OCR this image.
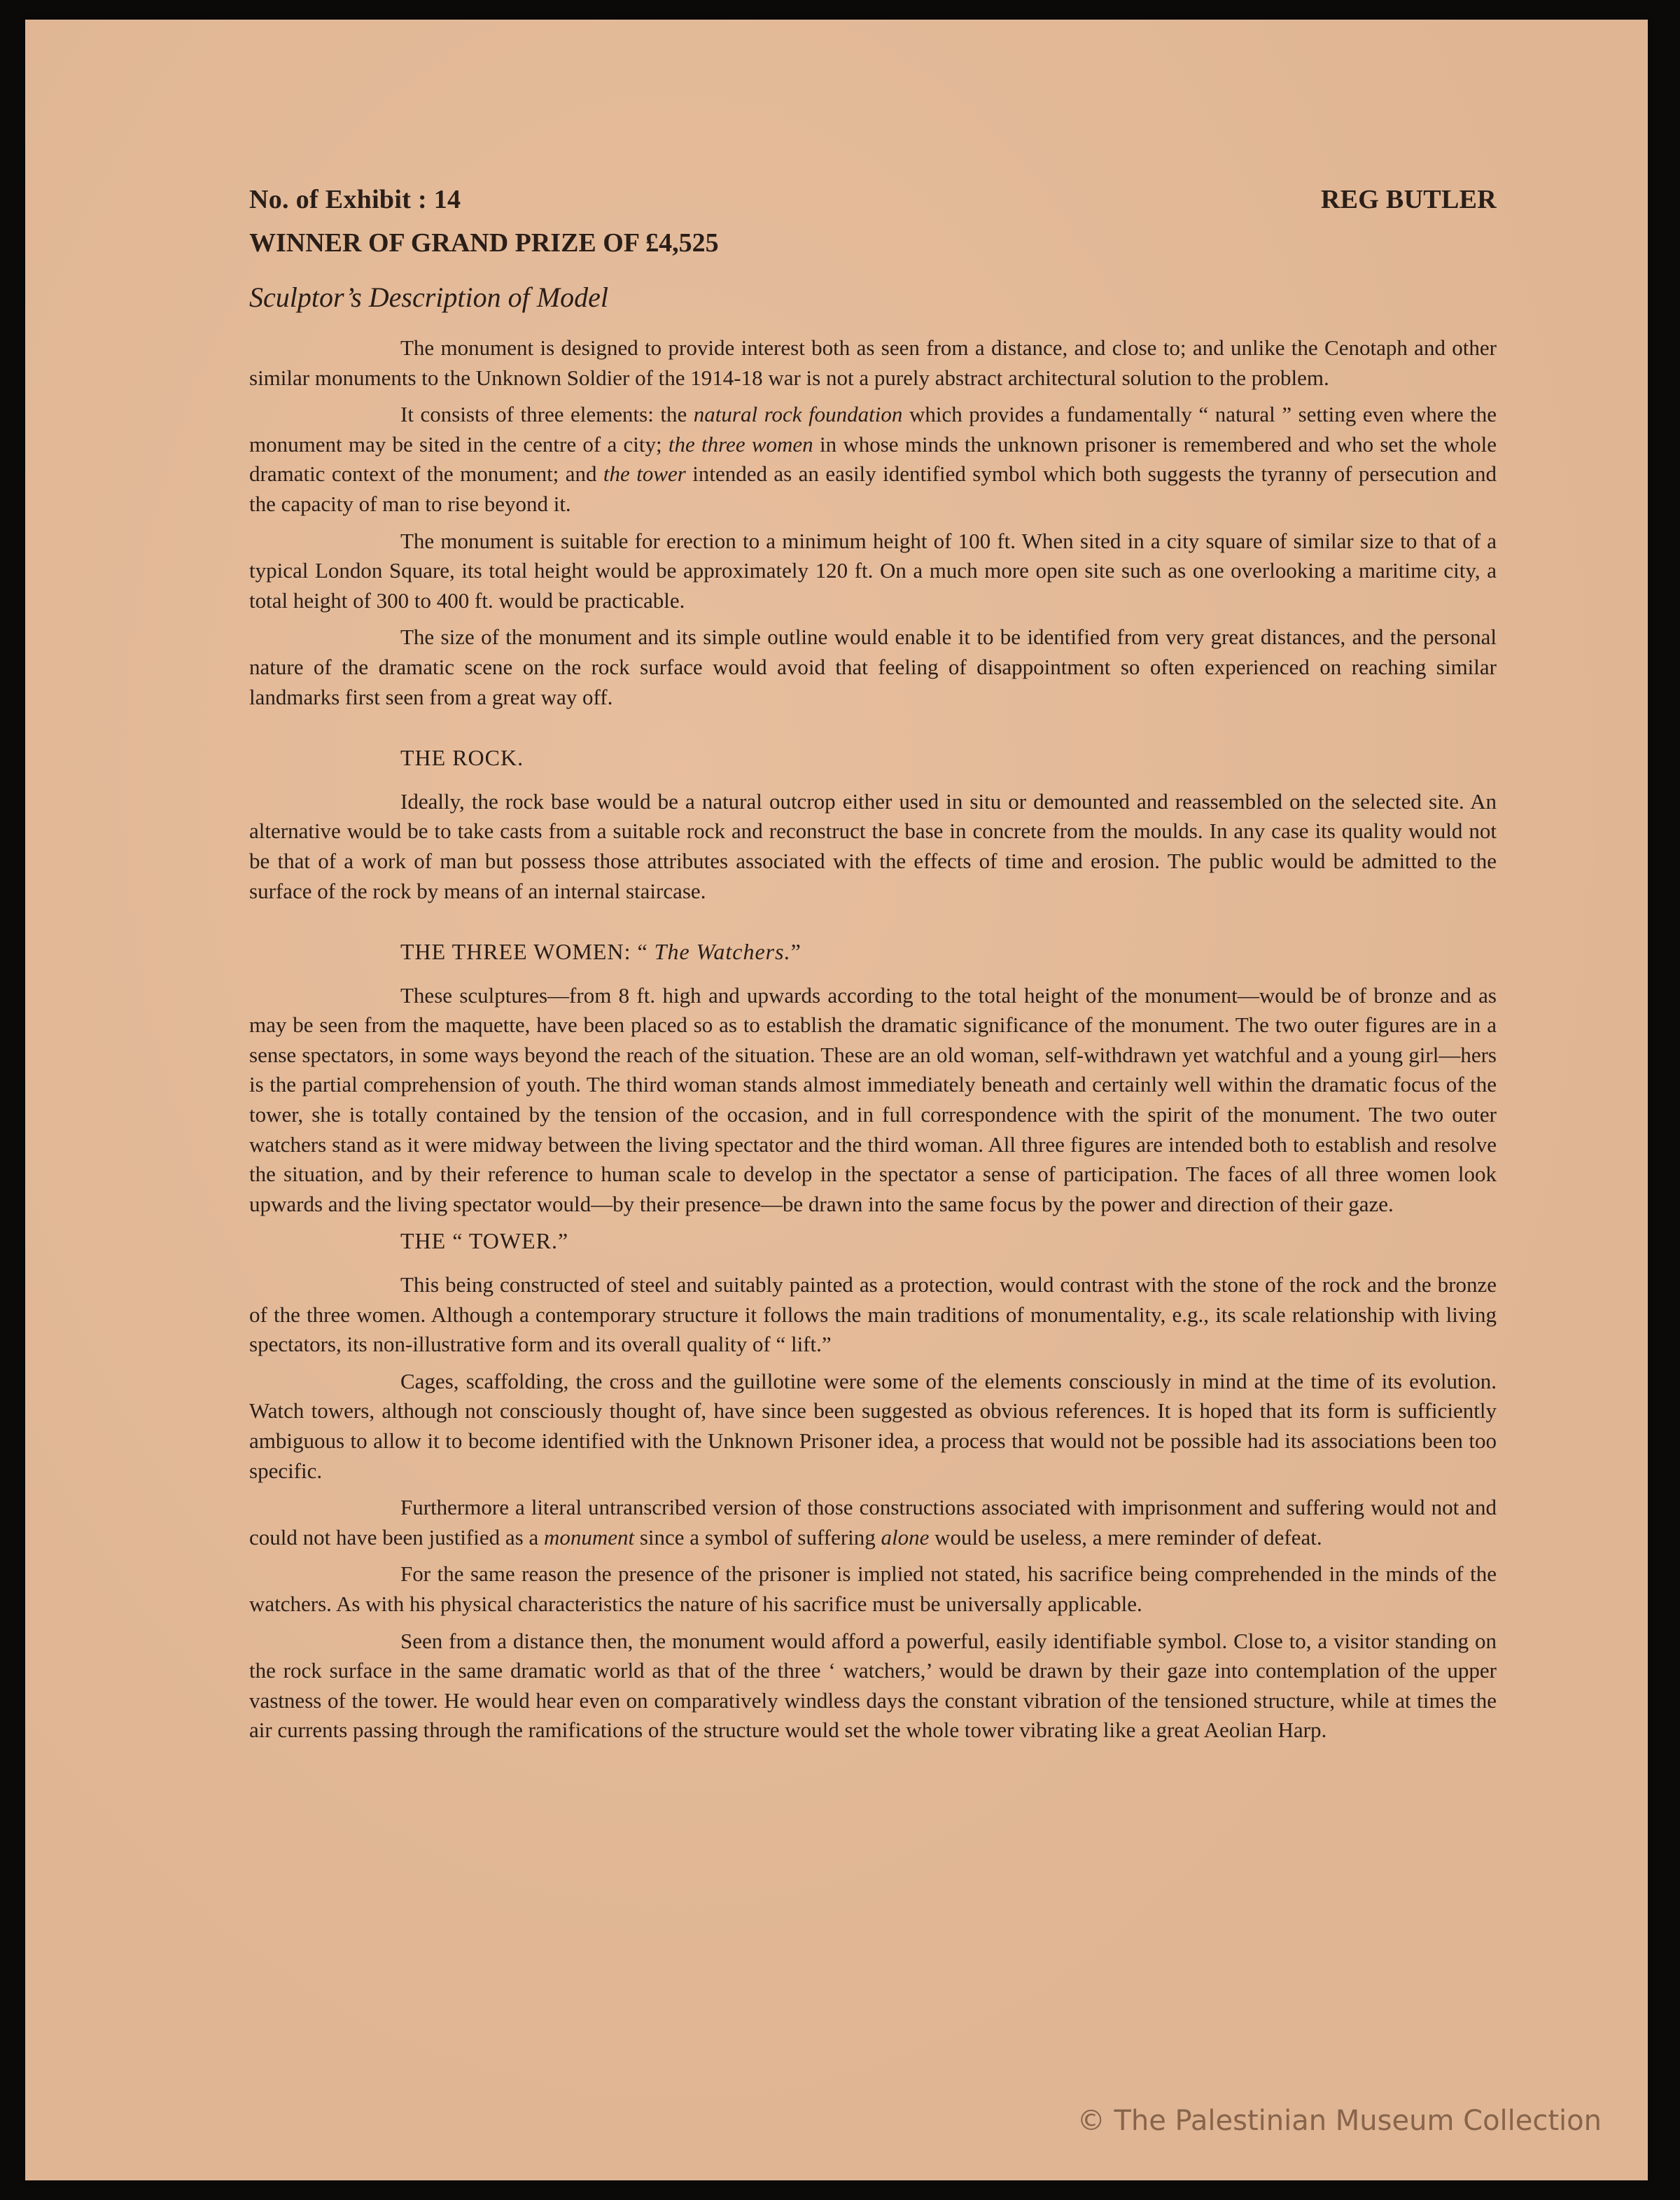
No. of Exhibit : 14	REG BUTLER
WINNER OF GRAND PRIZE OF £4,525
Sculptor’s Description of Model

The monument is designed to provide interest both as seen from a distance, and close to; and unlike the Cenotaph and other similar monuments to the Unknown Soldier of the 1914-18 war is not a purely abstract architectural solution to the problem.

It consists of three elements: the natural rock foundation which provides a fundamentally “ natural ” setting even where the monument may be sited in the centre of a city; the three women in whose minds the unknown prisoner is remembered and who set the whole dramatic context of the monument; and the tower intended as an easily identified symbol which both suggests the tyranny of persecution and the capacity of man to rise beyond it.

The monument is suitable for erection to a minimum height of 100 ft. When sited in a city square of similar size to that of a typical London Square, its total height would be approximately 120 ft. On a much more open site such as one overlooking a maritime city, a total height of 300 to 400 ft. would be practicable.

The size of the monument and its simple outline would enable it to be identified from very great distances, and the personal nature of the dramatic scene on the rock surface would avoid that feeling of disappointment so often experienced on reaching similar landmarks first seen from a great way off.

THE ROCK.

Ideally, the rock base would be a natural outcrop either used in situ or demounted and reassembled on the selected site. An alternative would be to take casts from a suitable rock and reconstruct the base in concrete from the moulds. In any case its quality would not be that of a work of man but possess those attributes associated with the effects of time and erosion. The public would be admitted to the surface of the rock by means of an internal staircase.

THE THREE WOMEN: “ The Watchers.”

These sculptures—from 8 ft. high and upwards according to the total height of the monument—would be of bronze and as may be seen from the maquette, have been placed so as to establish the dramatic significance of the monument. The two outer figures are in a sense spectators, in some ways beyond the reach of the situation. These are an old woman, self-withdrawn yet watchful and a young girl—hers is the partial comprehension of youth. The third woman stands almost immediately beneath and certainly well within the dramatic focus of the tower, she is totally contained by the tension of the occasion, and in full correspondence with the spirit of the monument. The two outer watchers stand as it were midway between the living spectator and the third woman. All three figures are intended both to establish and resolve the situation, and by their reference to human scale to develop in the spectator a sense of participation. The faces of all three women look upwards and the living spectator would—by their presence—be drawn into the same focus by the power and direction of their gaze.

THE “ TOWER.”

This being constructed of steel and suitably painted as a protection, would contrast with the stone of the rock and the bronze of the three women. Although a contemporary structure it follows the main traditions of monumentality, e.g., its scale relationship with living spectators, its non-illustrative form and its overall quality of “ lift.”

Cages, scaffolding, the cross and the guillotine were some of the elements consciously in mind at the time of its evolution. Watch towers, although not consciously thought of, have since been suggested as obvious references. It is hoped that its form is sufficiently ambiguous to allow it to become identified with the Unknown Prisoner idea, a process that would not be possible had its associations been too specific.

Furthermore a literal untranscribed version of those constructions associated with imprisonment and suffering would not and could not have been justified as a monument since a symbol of suffering alone would be useless, a mere reminder of defeat.

For the same reason the presence of the prisoner is implied not stated, his sacrifice being comprehended in the minds of the watchers. As with his physical characteristics the nature of his sacrifice must be universally applicable.

Seen from a distance then, the monument would afford a powerful, easily identifiable symbol. Close to, a visitor standing on the rock surface in the same dramatic world as that of the three ‘ watchers,’ would be drawn by their gaze into contemplation of the upper vastness of the tower. He would hear even on comparatively windless days the constant vibration of the tensioned structure, while at times the air currents passing through the ramifications of the structure would set the whole tower vibrating like a great Aeolian Harp.

© The Palestinian Museum Collection
